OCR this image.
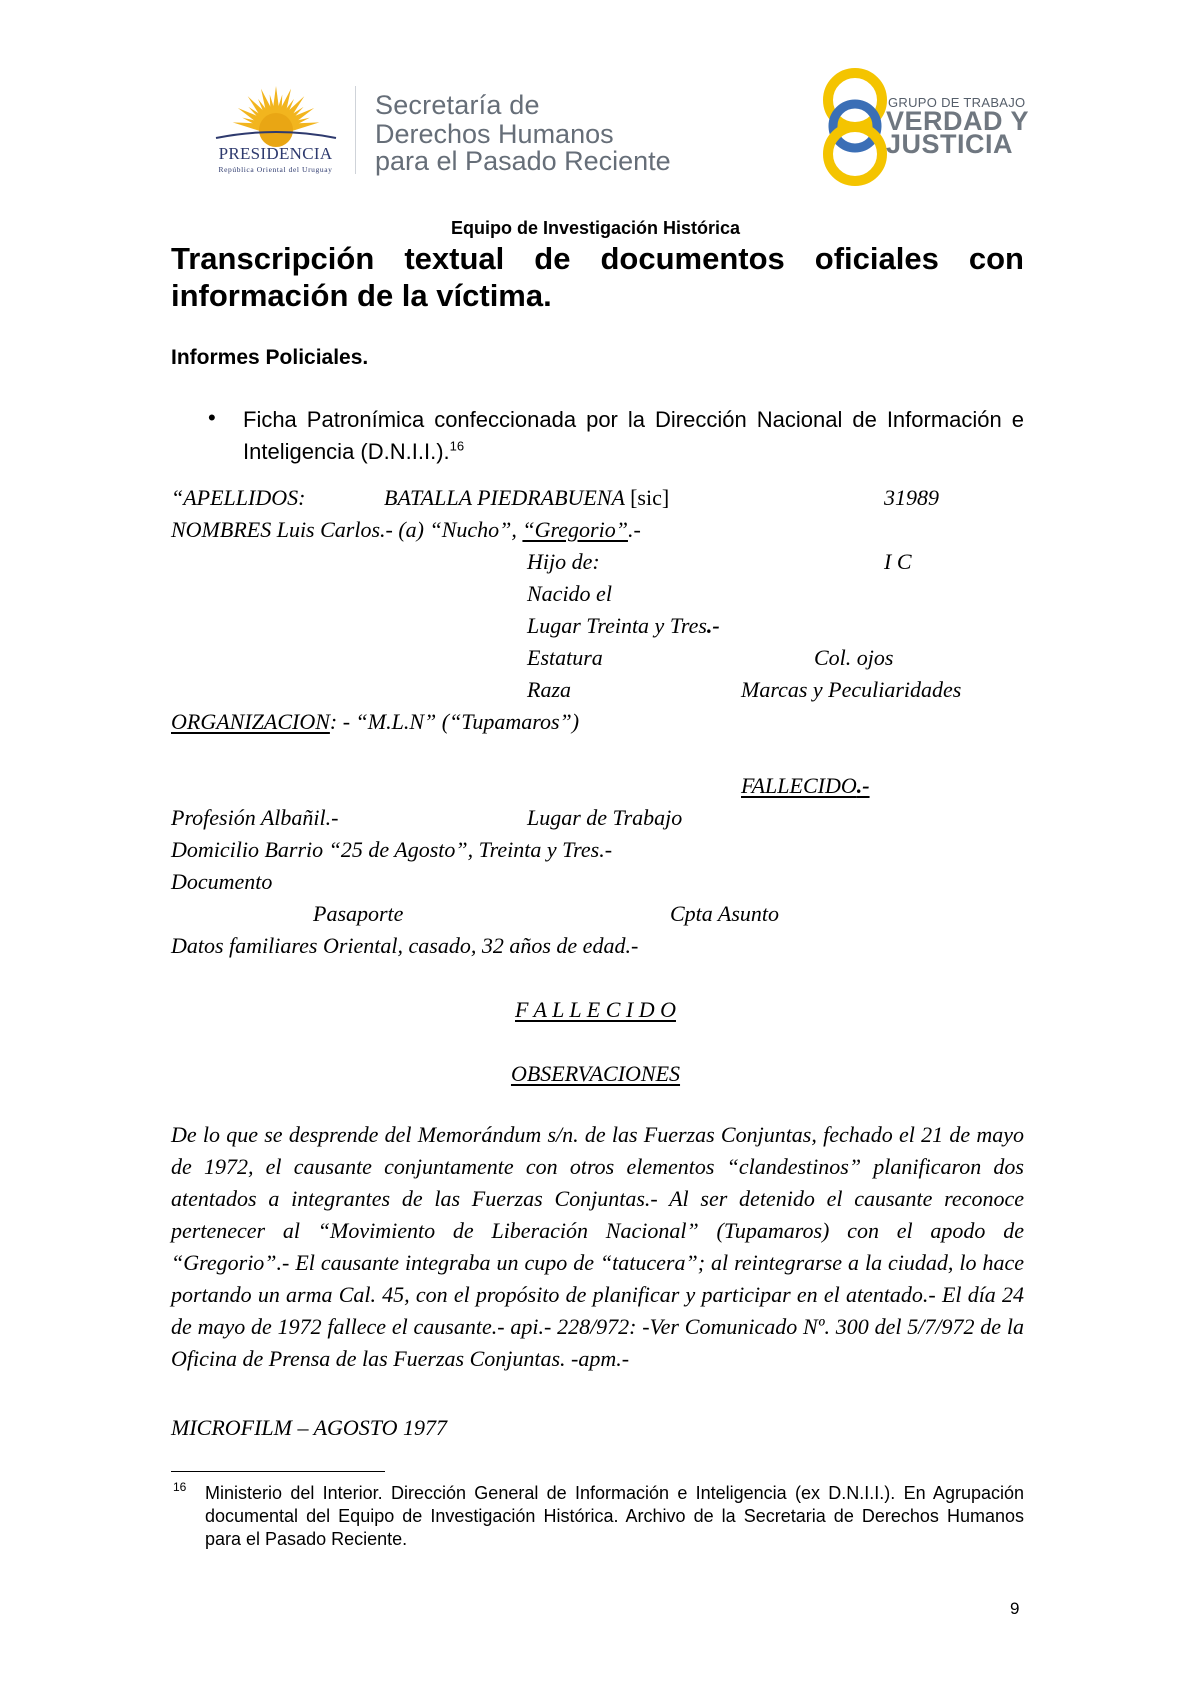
PRESIDENCIA
República Oriental del Uruguay
Secretaría de
Derechos Humanos
para el Pasado Reciente
GRUPO DE TRABAJO
VERDAD Y
JUSTICIA
Equipo de Investigación Histórica
Transcripción textual de documentos oficiales con información de la víctima.
Informes Policiales.
• Ficha Patronímica confeccionada por la Dirección Nacional de Información e Inteligencia (D.N.I.I.).$^{16}$
“APELLIDOS:	BATALLA PIEDRABUENA [sic]	31989
NOMBRES Luis Carlos.- (a) “Nucho”, “Gregorio”.-
Hijo de:	I C
Nacido el
Lugar Treinta y Tres.-
Estatura	Col. ojos
Raza	Marcas y Peculiaridades
ORGANIZACION: - “M.L.N” (“Tupamaros”)
FALLECIDO.-
Profesión Albañil.-	Lugar de Trabajo
Domicilio Barrio “25 de Agosto”, Treinta y Tres.-
Documento
Pasaporte	Cpta Asunto
Datos familiares Oriental, casado, 32 años de edad.-
F A L L E C I D O
OBSERVACIONES
De lo que se desprende del Memorándum s/n. de las Fuerzas Conjuntas, fechado el 21 de mayo de 1972, el causante conjuntamente con otros elementos “clandestinos” planificaron dos atentados a integrantes de las Fuerzas Conjuntas.- Al ser detenido el causante reconoce pertenecer al “Movimiento de Liberación Nacional” (Tupamaros) con el apodo de “Gregorio”.- El causante integraba un cupo de “tatucera”; al reintegrarse a la ciudad, lo hace portando un arma Cal. 45, con el propósito de planificar y participar en el atentado.- El día 24 de mayo de 1972 fallece el causante.- api.- 228/972: -Ver Comunicado Nº. 300 del 5/7/972 de la Oficina de Prensa de las Fuerzas Conjuntas. -apm.-
MICROFILM – AGOSTO 1977
16 Ministerio del Interior. Dirección General de Información e Inteligencia (ex D.N.I.I.). En Agrupación documental del Equipo de Investigación Histórica. Archivo de la Secretaria de Derechos Humanos para el Pasado Reciente.
9
